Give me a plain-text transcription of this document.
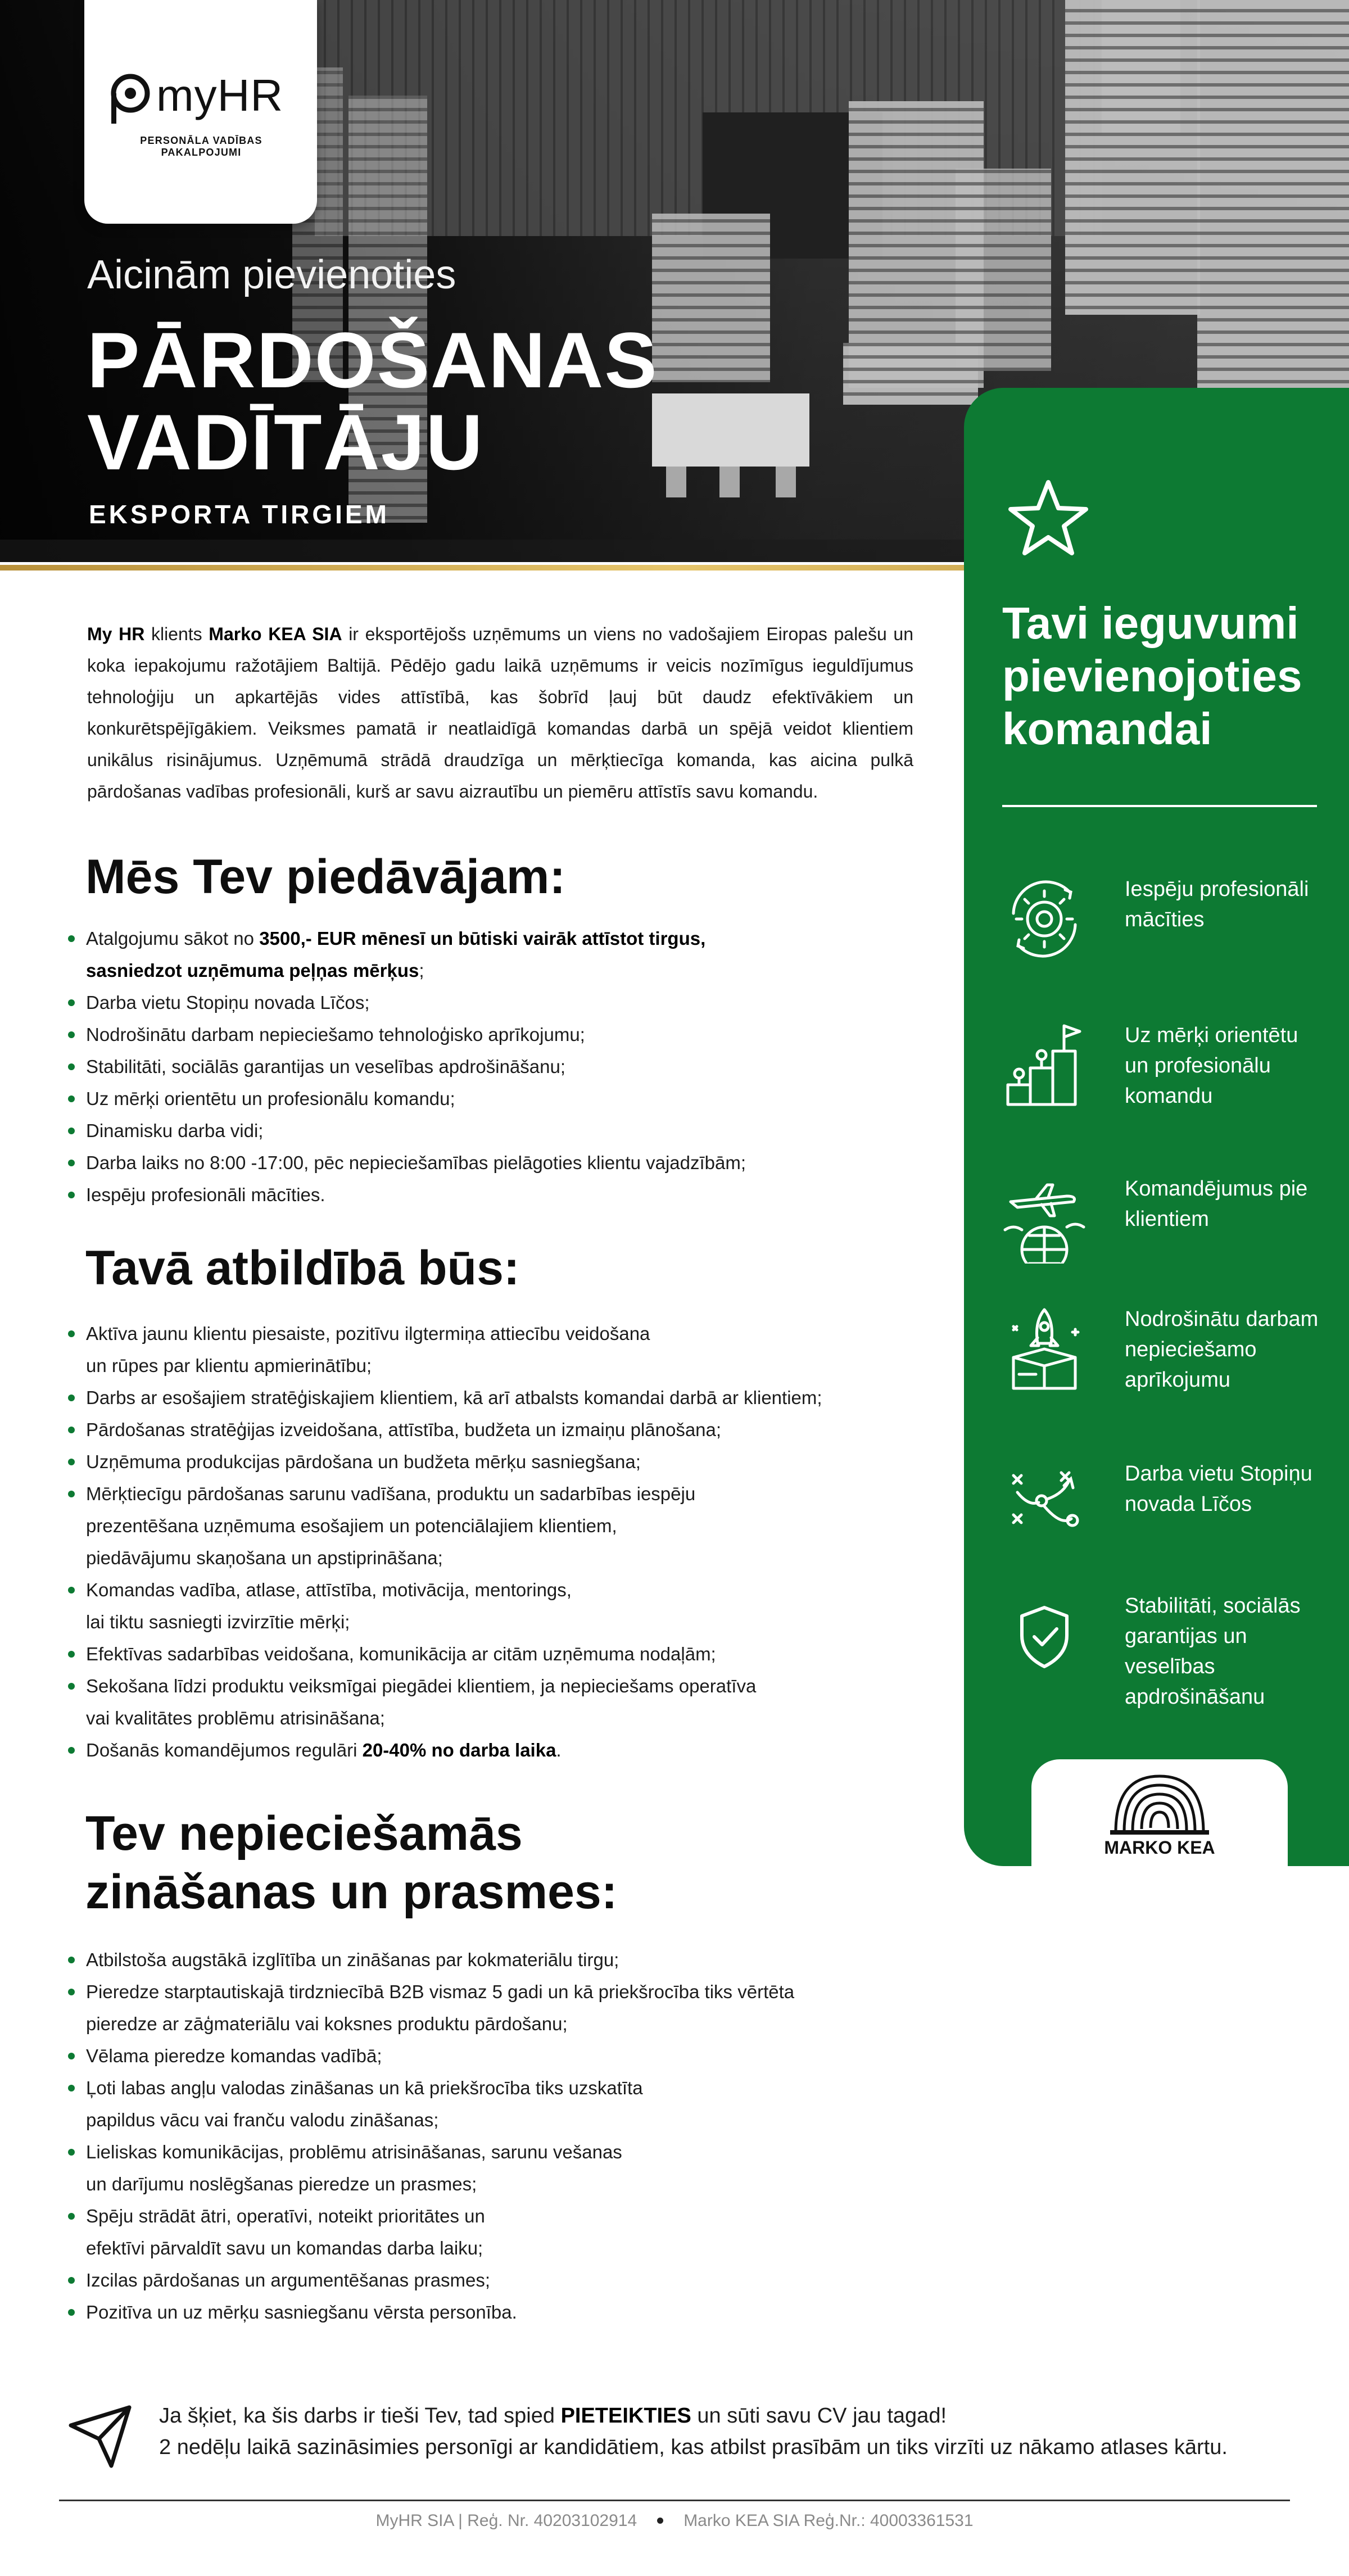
myHR
PERSONĀLA VADĪBAS PAKALPOJUMI
Aicinām pievienoties
PĀRDOŠANAS
VADĪTĀJU
EKSPORTA TIRGIEM
My HR klients Marko KEA SIA ir eksportējošs uzņēmums un viens no vadošajiem Eiropas palešu un koka iepakojumu ražotājiem Baltijā. Pēdējo gadu laikā uzņēmums ir veicis nozīmīgus ieguldījumus tehnoloģiju un apkartējās vides attīstībā, kas šobrīd ļauj būt daudz efektīvākiem un konkurētspējīgākiem. Veiksmes pamatā ir neatlaidīgā komandas darbā un spējā veidot klientiem unikālus risinājumus. Uzņēmumā strādā draudzīga un mērķtiecīga komanda, kas aicina pulkā pārdošanas vadības profesionāli, kurš ar savu aizrautību un piemēru attīstīs savu komandu.
Mēs Tev piedāvājam:
Atalgojumu sākot no 3500,- EUR mēnesī un būtiski vairāk attīstot tirgus,
sasniedzot uzņēmuma peļņas mērķus;
Darba vietu Stopiņu novada Līčos;
Nodrošinātu darbam nepieciešamo tehnoloģisko aprīkojumu;
Stabilitāti, sociālās garantijas un veselības apdrošināšanu;
Uz mērķi orientētu un profesionālu komandu;
Dinamisku darba vidi;
Darba laiks no 8:00 -17:00, pēc nepieciešamības pielāgoties klientu vajadzībām;
Iespēju profesionāli mācīties.
Tavā atbildībā būs:
Aktīva jaunu klientu piesaiste, pozitīvu ilgtermiņa attiecību veidošana
un rūpes par klientu apmierinātību;
Darbs ar esošajiem stratēģiskajiem klientiem, kā arī atbalsts komandai darbā ar klientiem;
Pārdošanas stratēģijas izveidošana, attīstība, budžeta un izmaiņu plānošana;
Uzņēmuma produkcijas pārdošana un budžeta mērķu sasniegšana;
Mērķtiecīgu pārdošanas sarunu vadīšana, produktu un sadarbības iespēju
prezentēšana uzņēmuma esošajiem un potenciālajiem klientiem,
piedāvājumu skaņošana un apstiprināšana;
Komandas vadība, atlase, attīstība, motivācija, mentorings,
lai tiktu sasniegti izvirzītie mērķi;
Efektīvas sadarbības veidošana, komunikācija ar citām uzņēmuma nodaļām;
Sekošana līdzi produktu veiksmīgai piegādei klientiem, ja nepieciešams operatīva
vai kvalitātes problēmu atrisināšana;
Došanās komandējumos regulāri 20-40% no darba laika.
Tev nepieciešamās
zināšanas un prasmes:
Atbilstoša augstākā izglītība un zināšanas par kokmateriālu tirgu;
Pieredze starptautiskajā tirdzniecībā B2B vismaz 5 gadi un kā priekšrocība tiks vērtēta
pieredze ar zāģmateriālu vai koksnes produktu pārdošanu;
Vēlama pieredze komandas vadībā;
Ļoti labas angļu valodas zināšanas un kā priekšrocība tiks uzskatīta
papildus vācu vai franču valodu zināšanas;
Lieliskas komunikācijas, problēmu atrisināšanas, sarunu vešanas
un darījumu noslēgšanas pieredze un prasmes;
Spēju strādāt ātri, operatīvi, noteikt prioritātes un
efektīvi pārvaldīt savu un komandas darba laiku;
Izcilas pārdošanas un argumentēšanas prasmes;
Pozitīva un uz mērķu sasniegšanu vērsta personība.
Tavi ieguvumi pievienojoties komandai
Iespēju profesionāli mācīties
Uz mērķi orientētu un profesionālu komandu
Komandējumus pie klientiem
Nodrošinātu darbam nepieciešamo aprīkojumu
Darba vietu Stopiņu novada Līčos
Stabilitāti, sociālās garantijas un veselības apdrošināšanu
MARKO KEA
Ja šķiet, ka šis darbs ir tieši Tev, tad spied PIETEIKTIES un sūti savu CV jau tagad!
2 nedēļu laikā sazināsimies personīgi ar kandidātiem, kas atbilst prasībām un tiks virzīti uz nākamo atlases kārtu.
MyHR SIA | Reģ. Nr. 40203102914	Marko KEA SIA Reģ.Nr.: 40003361531
